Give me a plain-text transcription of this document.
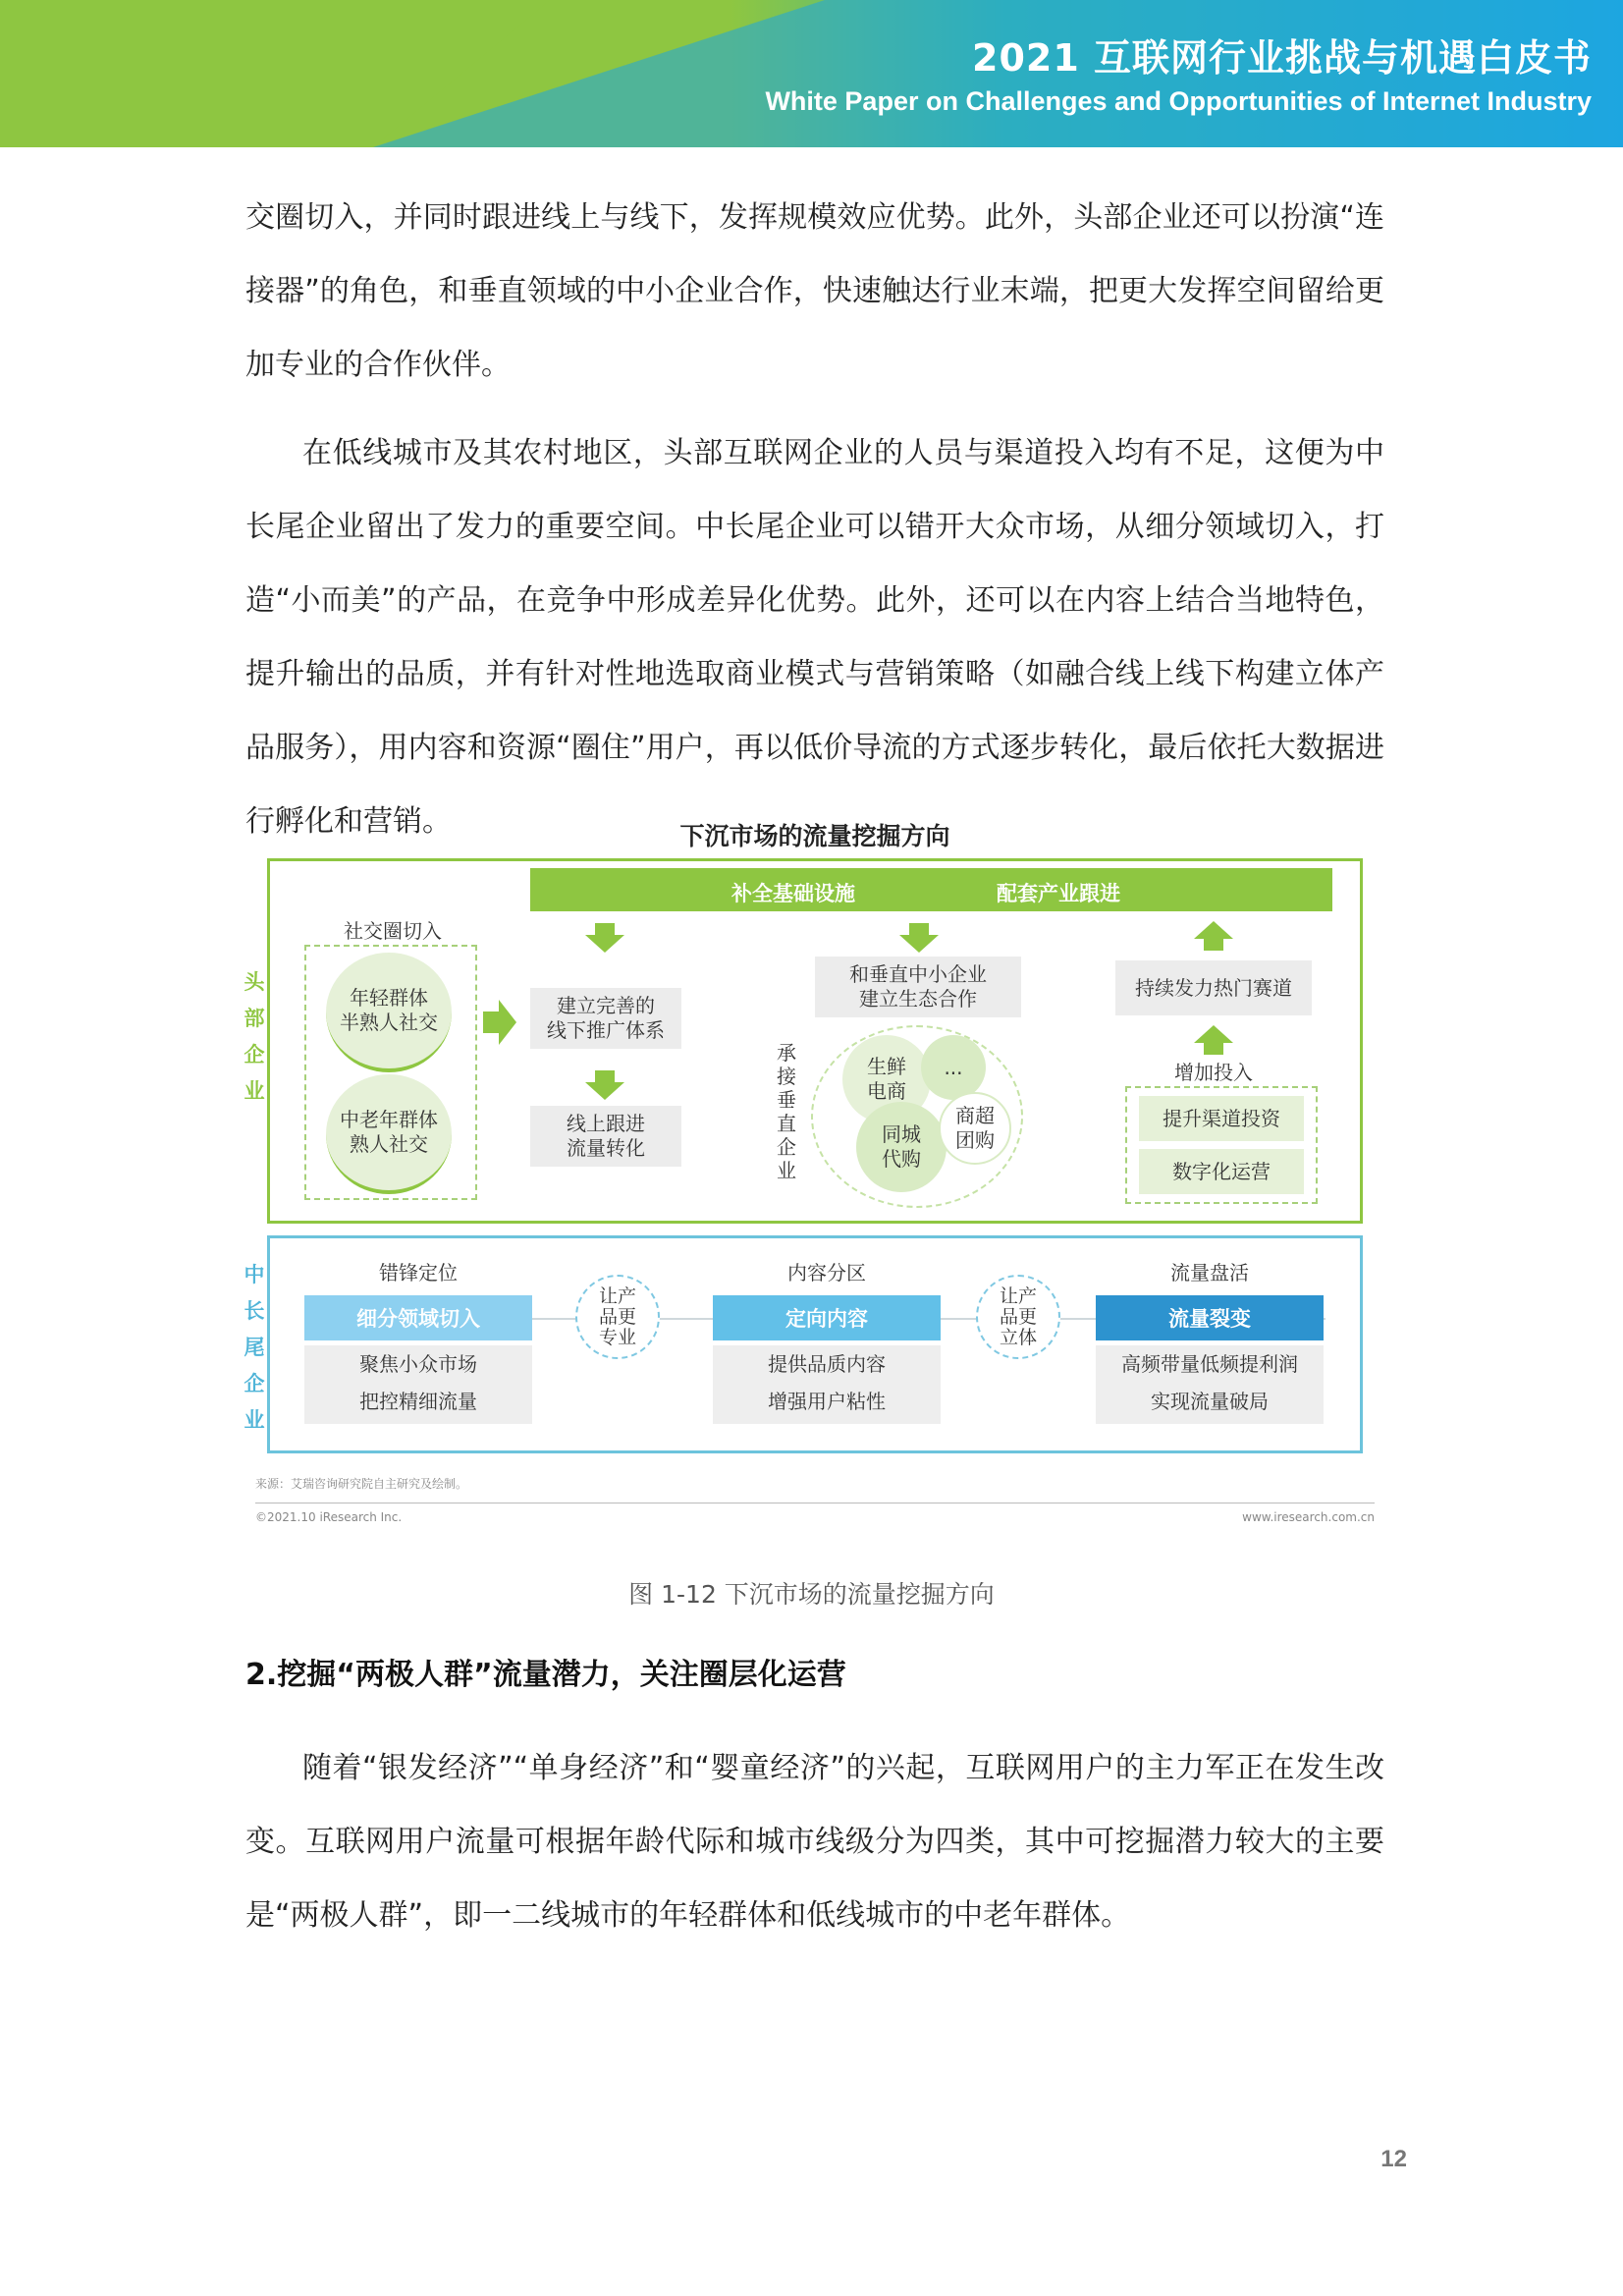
2021 互联网行业挑战与机遇白皮书
White Paper on Challenges and Opportunities of Internet Industry

交圈切入，并同时跟进线上与线下，发挥规模效应优势。此外，头部企业还可以扮演“连接器”的角色，和垂直领域的中小企业合作，快速触达行业末端，把更大发挥空间留给更加专业的合作伙伴。

在低线城市及其农村地区，头部互联网企业的人员与渠道投入均有不足，这便为中长尾企业留出了发力的重要空间。中长尾企业可以错开大众市场，从细分领域切入，打造“小而美”的产品，在竞争中形成差异化优势。此外，还可以在内容上结合当地特色，提升输出的品质，并有针对性地选取商业模式与营销策略（如融合线上线下构建立体产品服务），用内容和资源“圈住”用户，再以低价导流的方式逐步转化，最后依托大数据进行孵化和营销。	下沉市场的流量挖掘方向
头部企业
补全基础设施	配套产业跟进
社交圈切入
年轻群体
半熟人社交
中老年群体
熟人社交
建立完善的
线下推广体系
线上跟进
流量转化
和垂直中小企业
建立生态合作
承接垂直企业
生鲜
电商
...
同城
代购
商超
团购
持续发力热门赛道
增加投入
提升渠道投资
数字化运营
中长尾企业
错锋定位
细分领域切入
聚焦小众市场
把控精细流量
让产
品更
专业
内容分区
定向内容
提供品质内容
增强用户粘性
让产
品更
立体
流量盘活
流量裂变
高频带量低频提利润
实现流量破局
来源：艾瑞咨询研究院自主研究及绘制。
©2021.10 iResearch Inc.	www.iresearch.com.cn
图 1-12 下沉市场的流量挖掘方向
2.挖掘“两极人群”流量潜力，关注圈层化运营

随着“银发经济”“单身经济”和“婴童经济”的兴起，互联网用户的主力军正在发生改变。互联网用户流量可根据年龄代际和城市线级分为四类，其中可挖掘潜力较大的主要是“两极人群”，即一二线城市的年轻群体和低线城市的中老年群体。

12
